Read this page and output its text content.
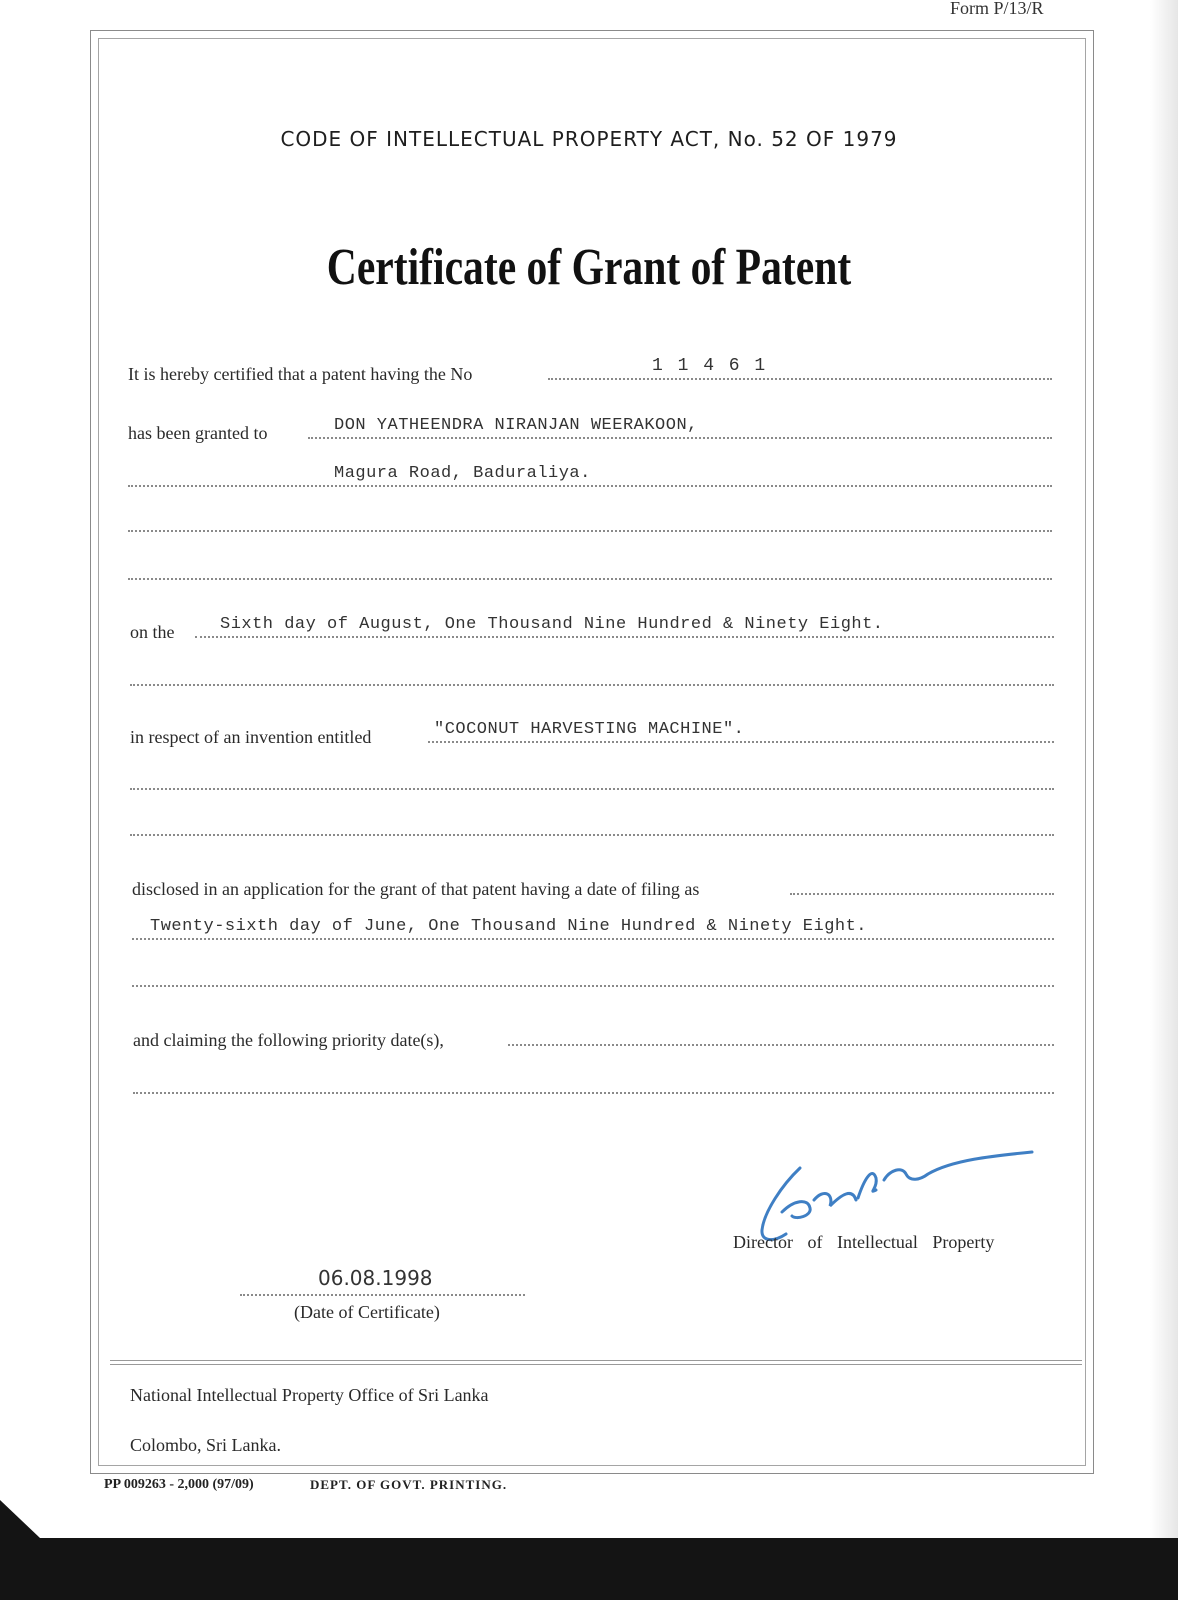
Form P/13/R
CODE OF INTELLECTUAL PROPERTY ACT, No. 52 OF 1979
Certificate of Grant of Patent
It is hereby certified that a patent having the No	1 1 4 6 1
has been granted to	DON YATHEENDRA NIRANJAN WEERAKOON,
Magura Road, Baduraliya.
on the	Sixth day of August, One Thousand Nine Hundred & Ninety Eight.
in respect of an invention entitled	"COCONUT HARVESTING MACHINE".
disclosed in an application for the grant of that patent having a date of filing as
Twenty-sixth day of June, One Thousand Nine Hundred & Ninety Eight.
and claiming the following priority date(s),
Director of Intellectual Property
06.08.1998
(Date of Certificate)
National Intellectual Property Office of Sri Lanka
Colombo, Sri Lanka.
PP 009263 - 2,000 (97/09)	DEPT. OF GOVT. PRINTING.
